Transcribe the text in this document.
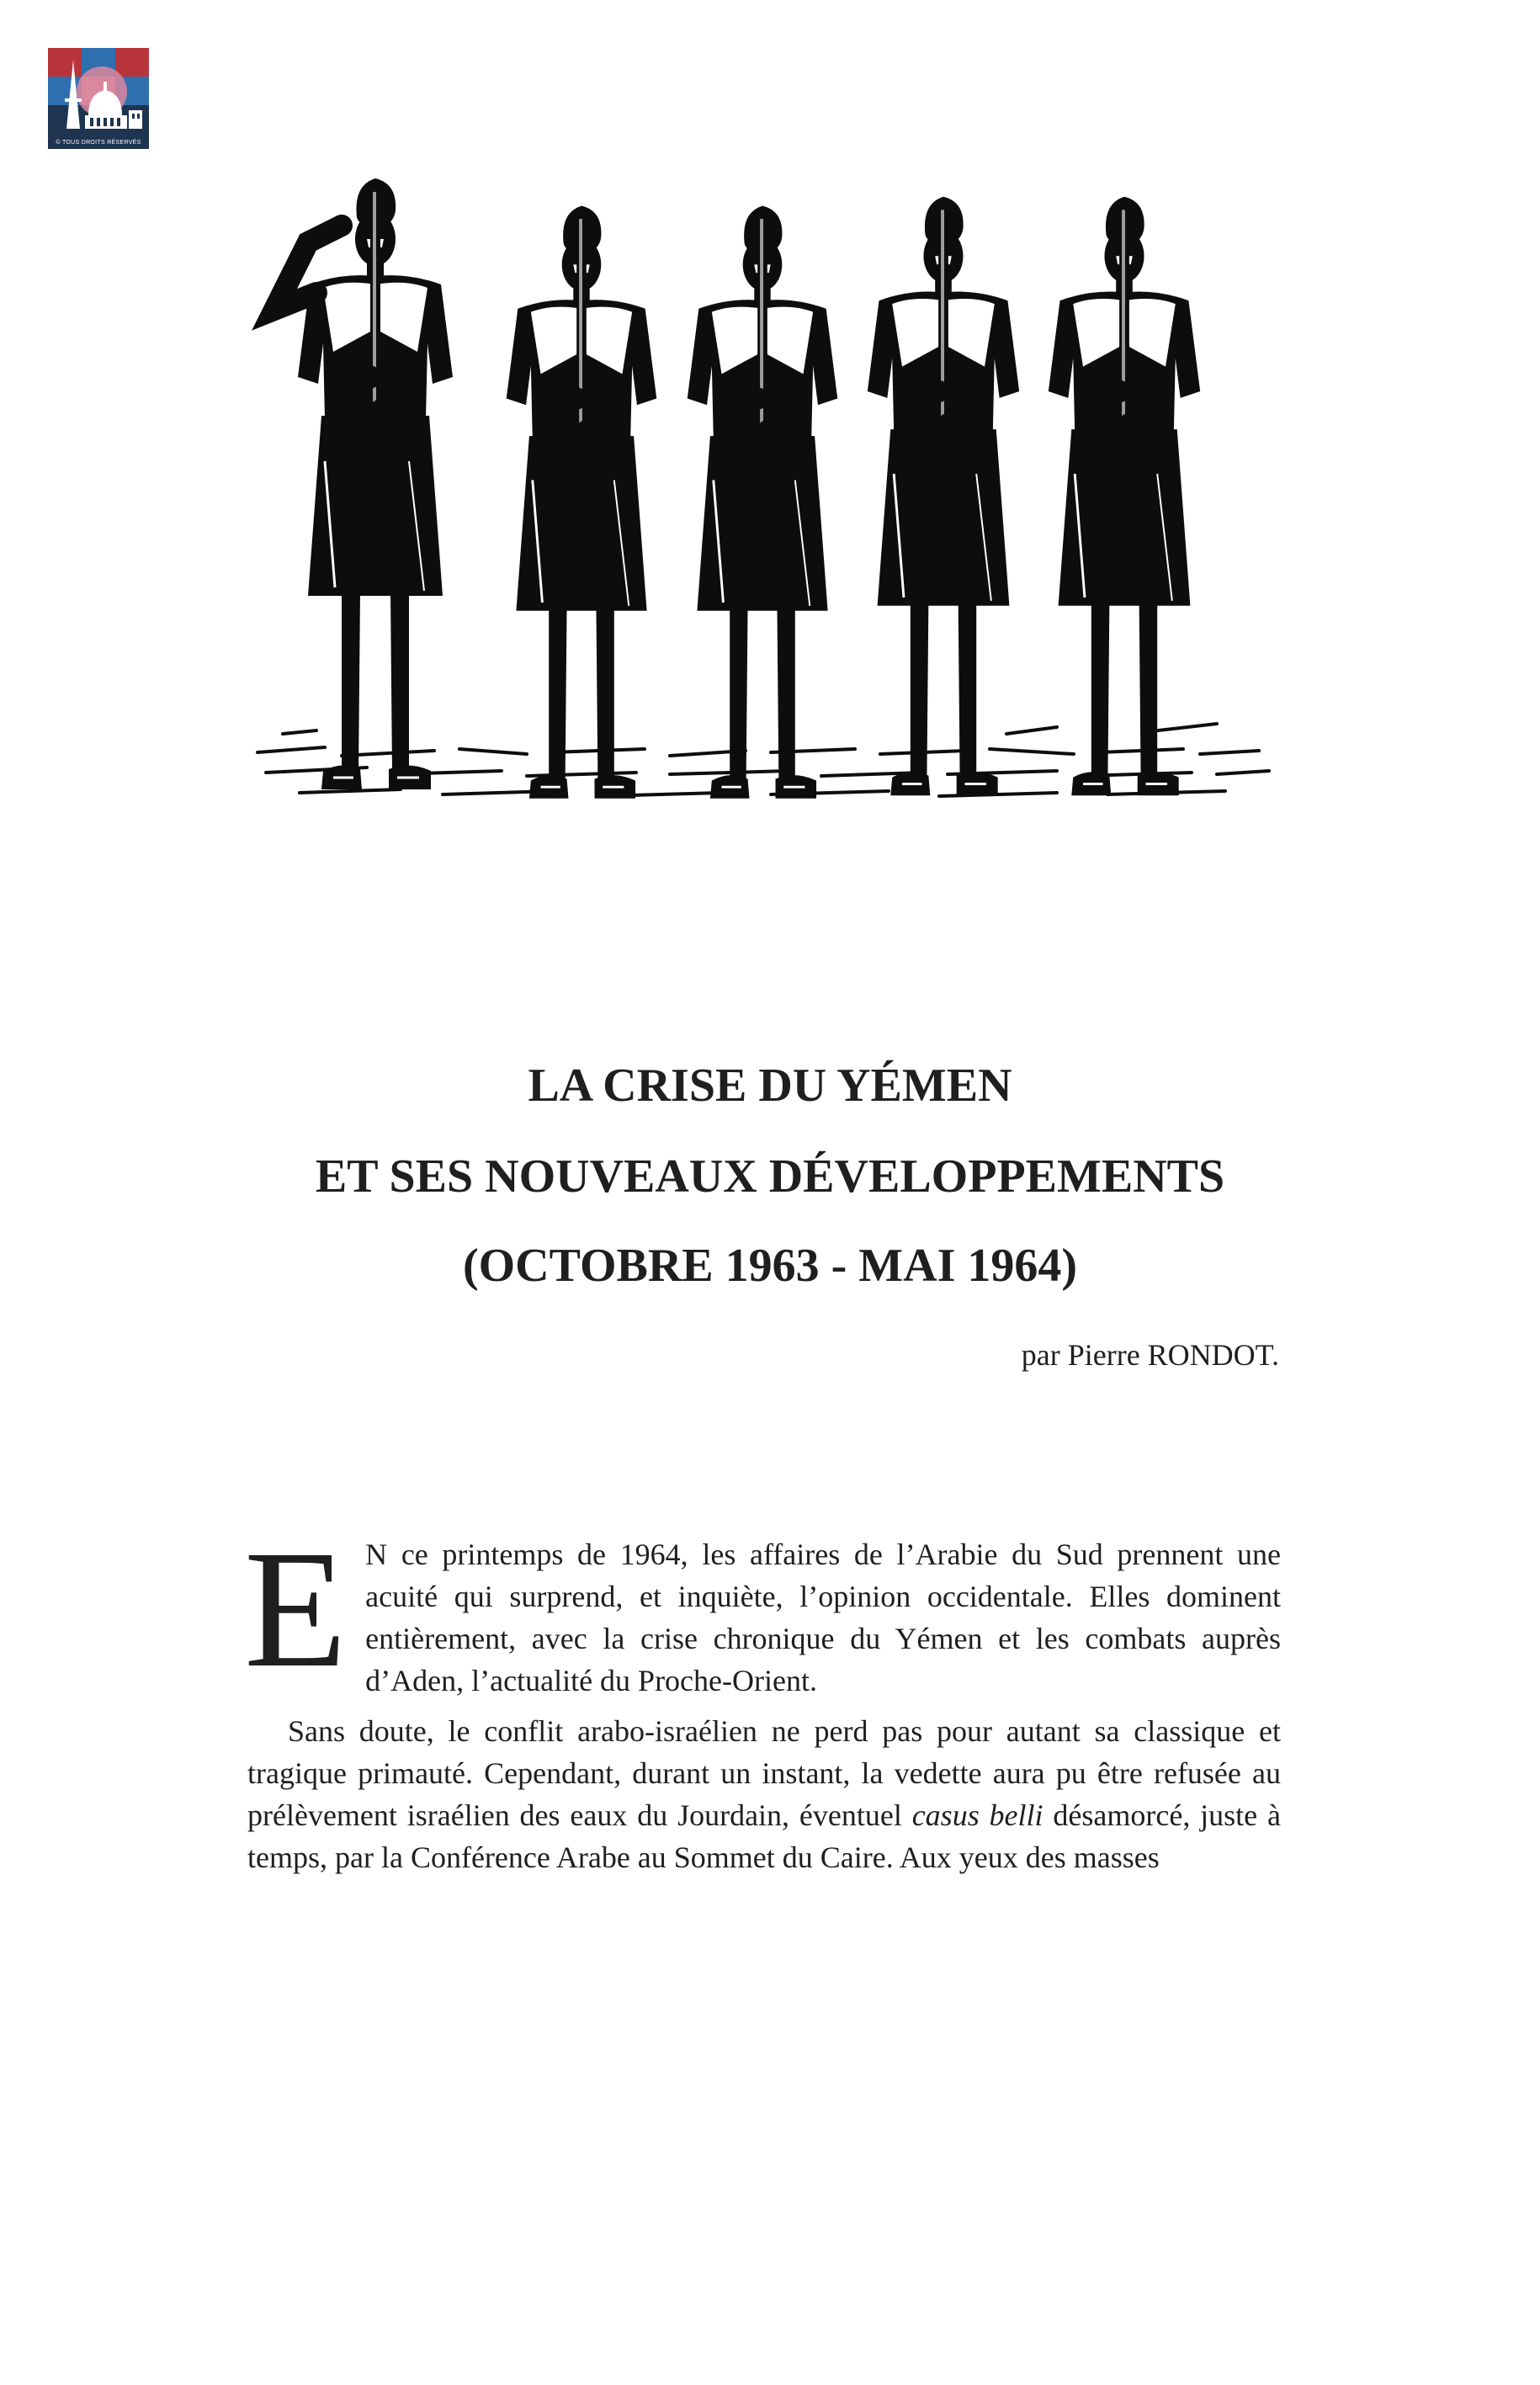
© TOUS DROITS RÉSERVÉS
LA CRISE DU YÉMEN
ET SES NOUVEAUX DÉVELOPPEMENTS
(OCTOBRE 1963 - MAI 1964)
par Pierre RONDOT.

E N ce printemps de 1964, les affaires de l’Arabie du Sud prennent une acuité qui surprend, et inquiète, l’opinion occidentale. Elles dominent entièrement, avec la crise chronique du Yémen et les combats auprès d’Aden, l’actualité du Proche-Orient.

Sans doute, le conflit arabo-israélien ne perd pas pour autant sa classique et tragique primauté. Cependant, durant un instant, la vedette aura pu être refusée au prélèvement israélien des eaux du Jourdain, éventuel casus belli désamorcé, juste à temps, par la Conférence Arabe au Sommet du Caire. Aux yeux des masses
